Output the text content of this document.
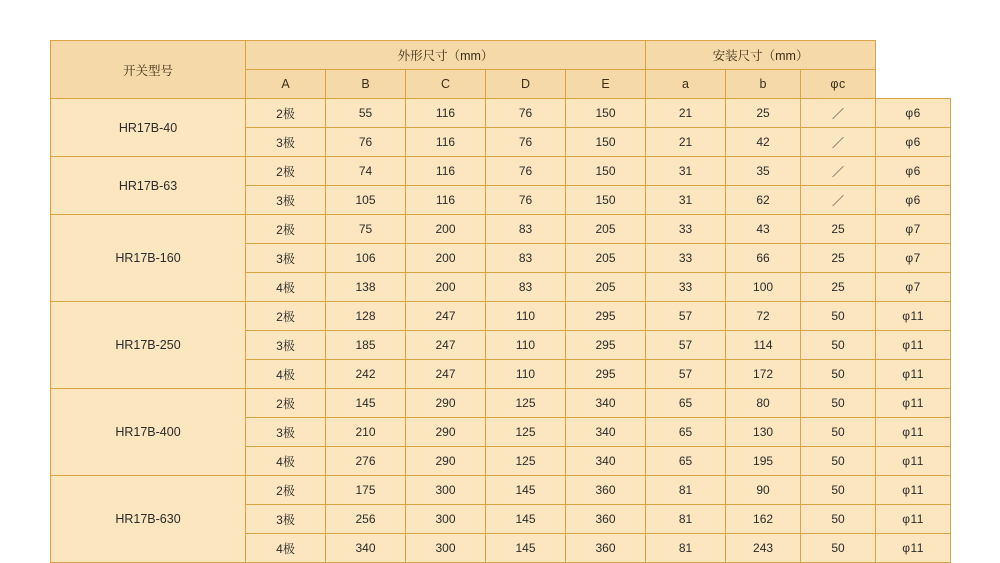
开关型号	外形尺寸（mm）					安装尺寸（mm）			
	A	B	C	D	E	a	b	φc	
HR17B-40	2极	55	116	76	150	21	25	／	φ6
	3极	76	116	76	150	21	42	／	φ6
HR17B-63	2极	74	116	76	150	31	35	／	φ6
	3极	105	116	76	150	31	62	／	φ6
HR17B-160	2极	75	200	83	205	33	43	25	φ7
	3极	106	200	83	205	33	66	25	φ7
	4极	138	200	83	205	33	100	25	φ7
HR17B-250	2极	128	247	110	295	57	72	50	φ11
	3极	185	247	110	295	57	114	50	φ11
	4极	242	247	110	295	57	172	50	φ11
HR17B-400	2极	145	290	125	340	65	80	50	φ11
	3极	210	290	125	340	65	130	50	φ11
	4极	276	290	125	340	65	195	50	φ11
HR17B-630	2极	175	300	145	360	81	90	50	φ11
	3极	256	300	145	360	81	162	50	φ11
	4极	340	300	145	360	81	243	50	φ11
